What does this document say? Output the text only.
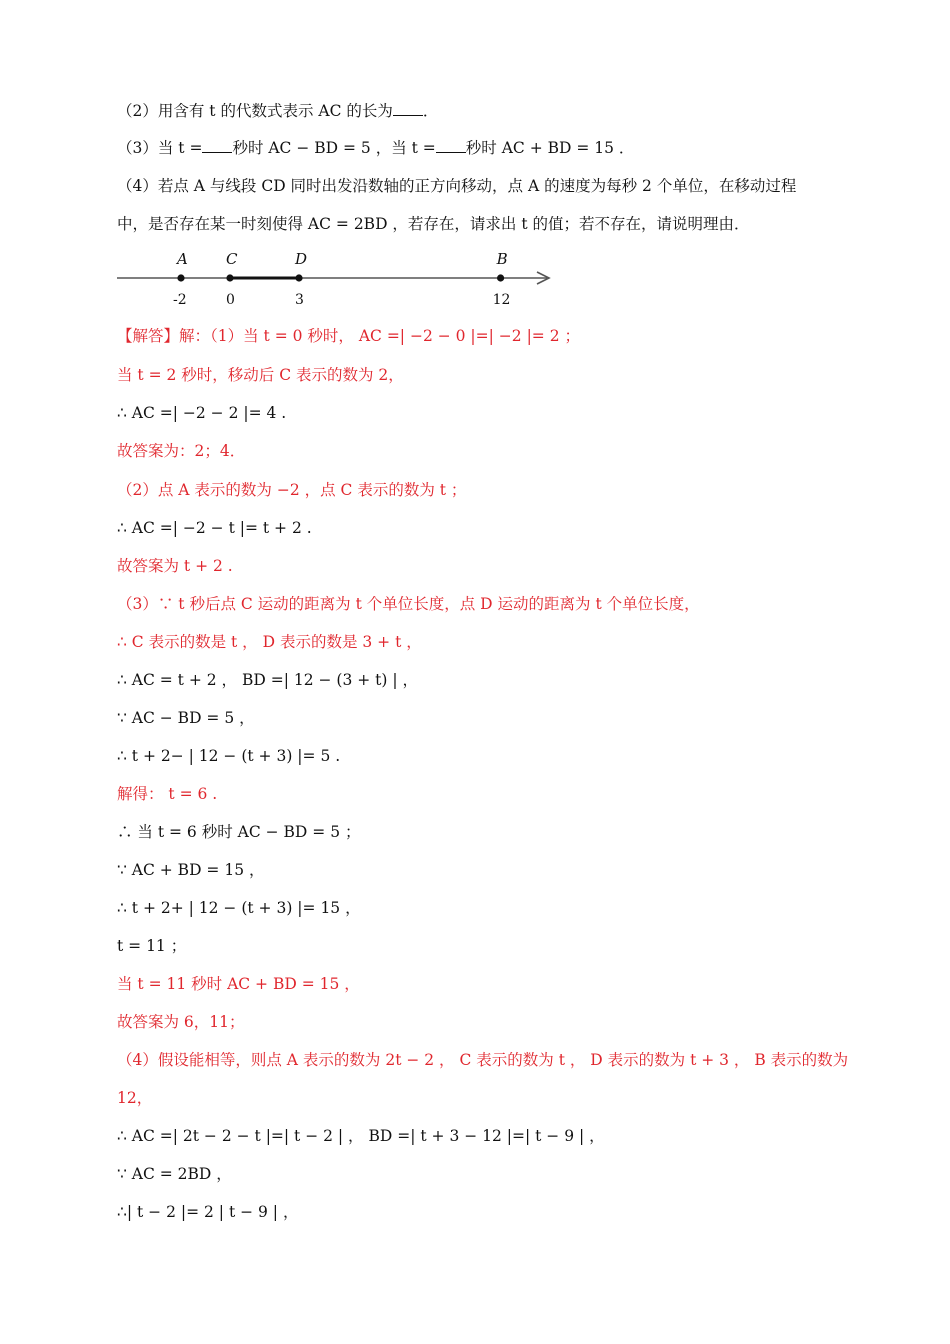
（2）用含有 t 的代数式表示 AC 的长为 ．
（3）当 t = 秒时 AC − BD = 5 ，当 t = 秒时 AC + BD = 15 ．
（4）若点 A 与线段 CD 同时出发沿数轴的正方向移动，点 A 的速度为每秒 2 个单位，在移动过程
中，是否存在某一时刻使得 AC = 2BD ，若存在，请求出 t 的值；若不存在，请说明理由．
A
-2
C
0
D
3
B
12
【解答】解：（1）当 t = 0 秒时， AC =| −2 − 0 |=| −2 |= 2 ；
当 t = 2 秒时，移动后 C 表示的数为 2，
∴ AC =| −2 − 2 |= 4 .
故答案为：2；4．
（2）点 A 表示的数为 −2 ，点 C 表示的数为 t ；
∴ AC =| −2 − t |= t + 2 .
故答案为 t + 2 .
（3）∵ t 秒后点 C 运动的距离为 t 个单位长度，点 D 运动的距离为 t 个单位长度，
∴ C 表示的数是 t ， D 表示的数是 3 + t ，
∴ AC = t + 2 ， BD =| 12 − (3 + t) | ，
∵ AC − BD = 5 ，
∴ t + 2− | 12 − (t + 3) |= 5 .
解得： t = 6 .
∴ 当 t = 6 秒时 AC − BD = 5 ；
∵ AC + BD = 15 ，
∴ t + 2+ | 12 − (t + 3) |= 15 ，
t = 11 ；
当 t = 11 秒时 AC + BD = 15 ，
故答案为 6，11；
（4）假设能相等，则点 A 表示的数为 2t − 2 ， C 表示的数为 t ， D 表示的数为 t + 3 ， B 表示的数为
12，
∴ AC =| 2t − 2 − t |=| t − 2 | ， BD =| t + 3 − 12 |=| t − 9 | ，
∵ AC = 2BD ，
∴| t − 2 |= 2 | t − 9 | ，
